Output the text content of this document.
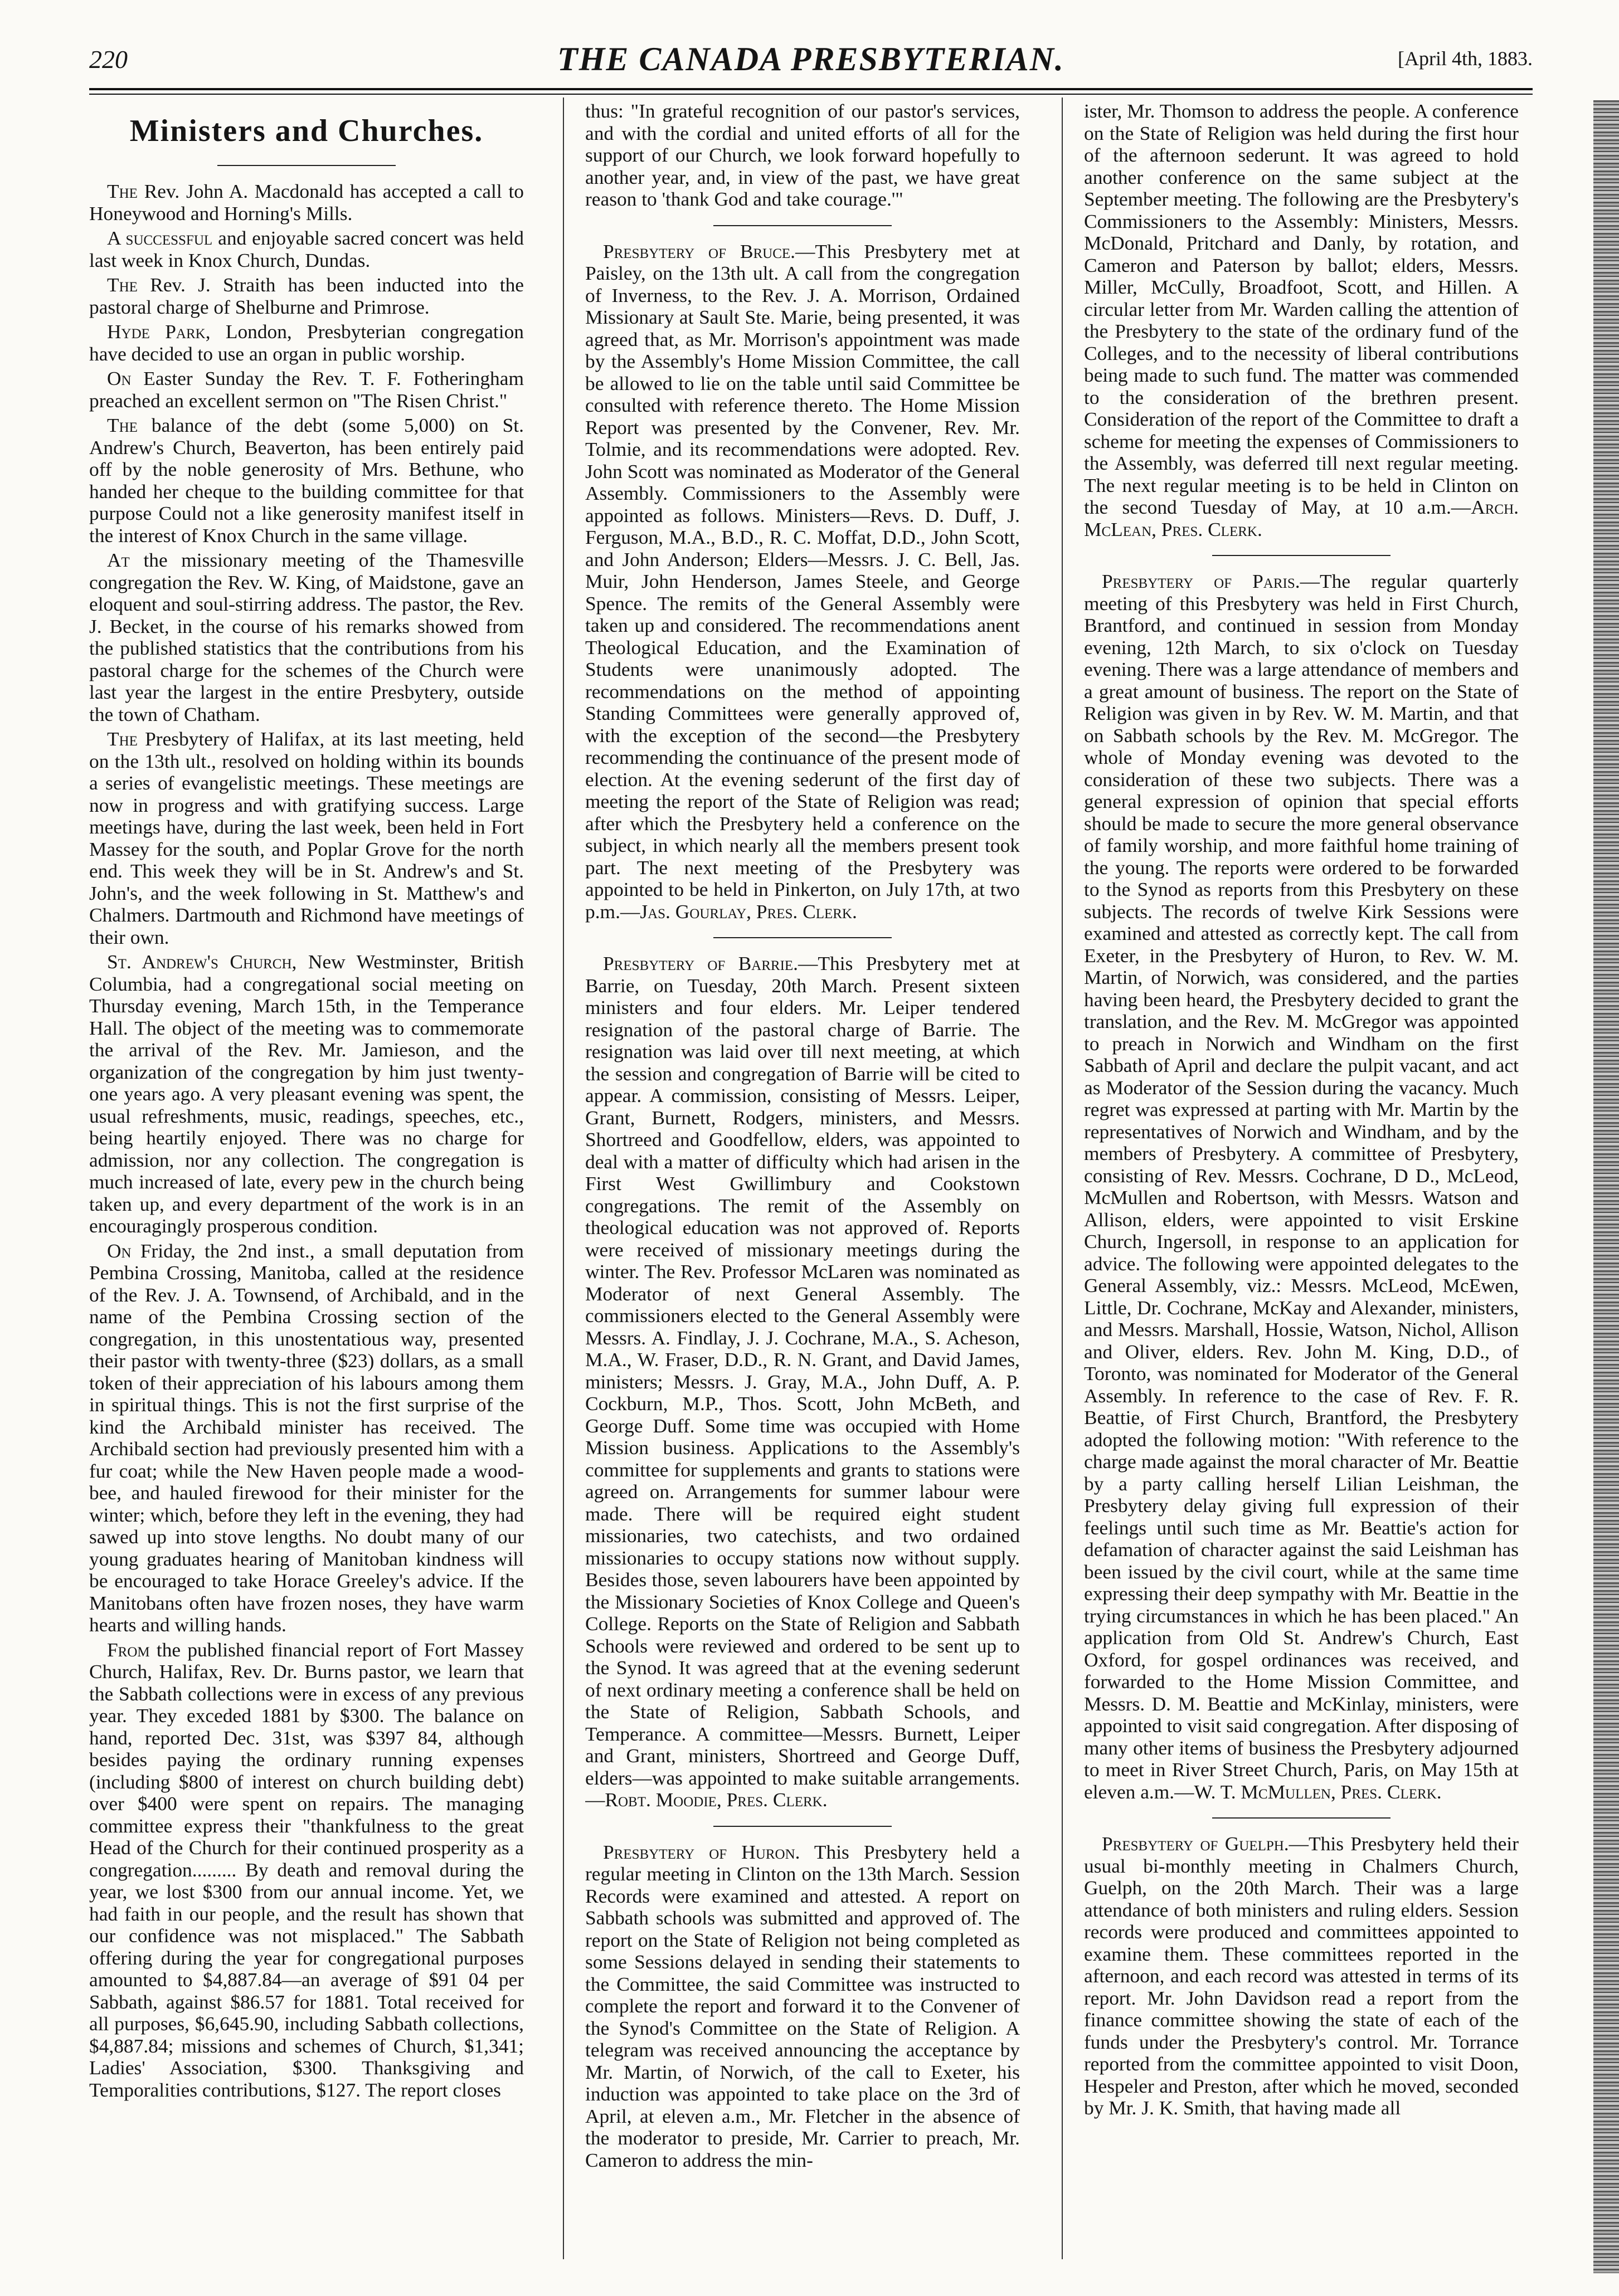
220	THE CANADA PRESBYTERIAN.	[April 4th, 1883.
Ministers and Churches.

The Rev. John A. Macdonald has accepted a call to Honeywood and Horning's Mills.

A successful and enjoyable sacred concert was held last week in Knox Church, Dundas.

The Rev. J. Straith has been inducted into the pastoral charge of Shelburne and Primrose.

Hyde Park, London, Presbyterian congregation have decided to use an organ in public worship.

On Easter Sunday the Rev. T. F. Fotheringham preached an excellent sermon on "The Risen Christ."

The balance of the debt (some 5,000) on St. Andrew's Church, Beaverton, has been entirely paid off by the noble generosity of Mrs. Bethune, who handed her cheque to the building committee for that purpose Could not a like generosity manifest itself in the interest of Knox Church in the same village.

At the missionary meeting of the Thamesville congregation the Rev. W. King, of Maidstone, gave an eloquent and soul-stirring address. The pastor, the Rev. J. Becket, in the course of his remarks showed from the published statistics that the contributions from his pastoral charge for the schemes of the Church were last year the largest in the entire Presbytery, outside the town of Chatham.

The Presbytery of Halifax, at its last meeting, held on the 13th ult., resolved on holding within its bounds a series of evangelistic meetings. These meetings are now in progress and with gratifying success. Large meetings have, during the last week, been held in Fort Massey for the south, and Poplar Grove for the north end. This week they will be in St. Andrew's and St. John's, and the week following in St. Matthew's and Chalmers. Dartmouth and Richmond have meetings of their own.

St. Andrew's Church, New Westminster, British Columbia, had a congregational social meeting on Thursday evening, March 15th, in the Temperance Hall. The object of the meeting was to commemorate the arrival of the Rev. Mr. Jamieson, and the organization of the congregation by him just twenty-one years ago. A very pleasant evening was spent, the usual refreshments, music, readings, speeches, etc., being heartily enjoyed. There was no charge for admission, nor any collection. The congregation is much increased of late, every pew in the church being taken up, and every department of the work is in an encouragingly prosperous condition.

On Friday, the 2nd inst., a small deputation from Pembina Crossing, Manitoba, called at the residence of the Rev. J. A. Townsend, of Archibald, and in the name of the Pembina Crossing section of the congregation, in this unostentatious way, presented their pastor with twenty-three ($23) dollars, as a small token of their appreciation of his labours among them in spiritual things. This is not the first surprise of the kind the Archibald minister has received. The Archibald section had previously presented him with a fur coat; while the New Haven people made a wood-bee, and hauled firewood for their minister for the winter; which, before they left in the evening, they had sawed up into stove lengths. No doubt many of our young graduates hearing of Manitoban kindness will be encouraged to take Horace Greeley's advice. If the Manitobans often have frozen noses, they have warm hearts and willing hands.

From the published financial report of Fort Massey Church, Halifax, Rev. Dr. Burns pastor, we learn that the Sabbath collections were in excess of any previous year. They exceded 1881 by $300. The balance on hand, reported Dec. 31st, was $397 84, although besides paying the ordinary running expenses (including $800 of interest on church building debt) over $400 were spent on repairs. The managing committee express their "thankfulness to the great Head of the Church for their continued prosperity as a congregation......... By death and removal during the year, we lost $300 from our annual income. Yet, we had faith in our people, and the result has shown that our confidence was not misplaced." The Sabbath offering during the year for congregational purposes amounted to $4,887.84—an average of $91 04 per Sabbath, against $86.57 for 1881. Total received for all purposes, $6,645.90, including Sabbath collections, $4,887.84; missions and schemes of Church, $1,341; Ladies' Association, $300. Thanksgiving and Temporalities contributions, $127. The report closes

thus: "In grateful recognition of our pastor's services, and with the cordial and united efforts of all for the support of our Church, we look forward hopefully to another year, and, in view of the past, we have great reason to 'thank God and take courage.'"

Presbytery of Bruce.—This Presbytery met at Paisley, on the 13th ult. A call from the congregation of Inverness, to the Rev. J. A. Morrison, Ordained Missionary at Sault Ste. Marie, being presented, it was agreed that, as Mr. Morrison's appointment was made by the Assembly's Home Mission Committee, the call be allowed to lie on the table until said Committee be consulted with reference thereto. The Home Mission Report was presented by the Convener, Rev. Mr. Tolmie, and its recommendations were adopted. Rev. John Scott was nominated as Moderator of the General Assembly. Commissioners to the Assembly were appointed as follows. Ministers—Revs. D. Duff, J. Ferguson, M.A., B.D., R. C. Moffat, D.D., John Scott, and John Anderson; Elders—Messrs. J. C. Bell, Jas. Muir, John Henderson, James Steele, and George Spence. The remits of the General Assembly were taken up and considered. The recommendations anent Theological Education, and the Examination of Students were unanimously adopted. The recommendations on the method of appointing Standing Committees were generally approved of, with the exception of the second—the Presbytery recommending the continuance of the present mode of election. At the evening sederunt of the first day of meeting the report of the State of Religion was read; after which the Presbytery held a conference on the subject, in which nearly all the members present took part. The next meeting of the Presbytery was appointed to be held in Pinkerton, on July 17th, at two p.m.—Jas. Gourlay, Pres. Clerk.

Presbytery of Barrie.—This Presbytery met at Barrie, on Tuesday, 20th March. Present sixteen ministers and four elders. Mr. Leiper tendered resignation of the pastoral charge of Barrie. The resignation was laid over till next meeting, at which the session and congregation of Barrie will be cited to appear. A commission, consisting of Messrs. Leiper, Grant, Burnett, Rodgers, ministers, and Messrs. Shortreed and Goodfellow, elders, was appointed to deal with a matter of difficulty which had arisen in the First West Gwillimbury and Cookstown congregations. The remit of the Assembly on theological education was not approved of. Reports were received of missionary meetings during the winter. The Rev. Professor McLaren was nominated as Moderator of next General Assembly. The commissioners elected to the General Assembly were Messrs. A. Findlay, J. J. Cochrane, M.A., S. Acheson, M.A., W. Fraser, D.D., R. N. Grant, and David James, ministers; Messrs. J. Gray, M.A., John Duff, A. P. Cockburn, M.P., Thos. Scott, John McBeth, and George Duff. Some time was occupied with Home Mission business. Applications to the Assembly's committee for supplements and grants to stations were agreed on. Arrangements for summer labour were made. There will be required eight student missionaries, two catechists, and two ordained missionaries to occupy stations now without supply. Besides those, seven labourers have been appointed by the Missionary Societies of Knox College and Queen's College. Reports on the State of Religion and Sabbath Schools were reviewed and ordered to be sent up to the Synod. It was agreed that at the evening sederunt of next ordinary meeting a conference shall be held on the State of Religion, Sabbath Schools, and Temperance. A committee—Messrs. Burnett, Leiper and Grant, ministers, Shortreed and George Duff, elders—was appointed to make suitable arrangements.—Robt. Moodie, Pres. Clerk.

Presbytery of Huron. This Presbytery held a regular meeting in Clinton on the 13th March. Session Records were examined and attested. A report on Sabbath schools was submitted and approved of. The report on the State of Religion not being completed as some Sessions delayed in sending their statements to the Committee, the said Committee was instructed to complete the report and forward it to the Convener of the Synod's Committee on the State of Religion. A telegram was received announcing the acceptance by Mr. Martin, of Norwich, of the call to Exeter, his induction was appointed to take place on the 3rd of April, at eleven a.m., Mr. Fletcher in the absence of the moderator to preside, Mr. Carrier to preach, Mr. Cameron to address the min-

ister, Mr. Thomson to address the people. A conference on the State of Religion was held during the first hour of the afternoon sederunt. It was agreed to hold another conference on the same subject at the September meeting. The following are the Presbytery's Commissioners to the Assembly: Ministers, Messrs. McDonald, Pritchard and Danly, by rotation, and Cameron and Paterson by ballot; elders, Messrs. Miller, McCully, Broadfoot, Scott, and Hillen. A circular letter from Mr. Warden calling the attention of the Presbytery to the state of the ordinary fund of the Colleges, and to the necessity of liberal contributions being made to such fund. The matter was commended to the consideration of the brethren present. Consideration of the report of the Committee to draft a scheme for meeting the expenses of Commissioners to the Assembly, was deferred till next regular meeting. The next regular meeting is to be held in Clinton on the second Tuesday of May, at 10 a.m.—Arch. McLean, Pres. Clerk.

Presbytery of Paris.—The regular quarterly meeting of this Presbytery was held in First Church, Brantford, and continued in session from Monday evening, 12th March, to six o'clock on Tuesday evening. There was a large attendance of members and a great amount of business. The report on the State of Religion was given in by Rev. W. M. Martin, and that on Sabbath schools by the Rev. M. McGregor. The whole of Monday evening was devoted to the consideration of these two subjects. There was a general expression of opinion that special efforts should be made to secure the more general observance of family worship, and more faithful home training of the young. The reports were ordered to be forwarded to the Synod as reports from this Presbytery on these subjects. The records of twelve Kirk Sessions were examined and attested as correctly kept. The call from Exeter, in the Presbytery of Huron, to Rev. W. M. Martin, of Norwich, was considered, and the parties having been heard, the Presbytery decided to grant the translation, and the Rev. M. McGregor was appointed to preach in Norwich and Windham on the first Sabbath of April and declare the pulpit vacant, and act as Moderator of the Session during the vacancy. Much regret was expressed at parting with Mr. Martin by the representatives of Norwich and Windham, and by the members of Presbytery. A committee of Presbytery, consisting of Rev. Messrs. Cochrane, D D., McLeod, McMullen and Robertson, with Messrs. Watson and Allison, elders, were appointed to visit Erskine Church, Ingersoll, in response to an application for advice. The following were appointed delegates to the General Assembly, viz.: Messrs. McLeod, McEwen, Little, Dr. Cochrane, McKay and Alexander, ministers, and Messrs. Marshall, Hossie, Watson, Nichol, Allison and Oliver, elders. Rev. John M. King, D.D., of Toronto, was nominated for Moderator of the General Assembly. In reference to the case of Rev. F. R. Beattie, of First Church, Brantford, the Presbytery adopted the following motion: "With reference to the charge made against the moral character of Mr. Beattie by a party calling herself Lilian Leishman, the Presbytery delay giving full expression of their feelings until such time as Mr. Beattie's action for defamation of character against the said Leishman has been issued by the civil court, while at the same time expressing their deep sympathy with Mr. Beattie in the trying circumstances in which he has been placed." An application from Old St. Andrew's Church, East Oxford, for gospel ordinances was received, and forwarded to the Home Mission Committee, and Messrs. D. M. Beattie and McKinlay, ministers, were appointed to visit said congregation. After disposing of many other items of business the Presbytery adjourned to meet in River Street Church, Paris, on May 15th at eleven a.m.—W. T. McMullen, Pres. Clerk.

Presbytery of Guelph.—This Presbytery held their usual bi-monthly meeting in Chalmers Church, Guelph, on the 20th March. Their was a large attendance of both ministers and ruling elders. Session records were produced and committees appointed to examine them. These committees reported in the afternoon, and each record was attested in terms of its report. Mr. John Davidson read a report from the finance committee showing the state of each of the funds under the Presbytery's control. Mr. Torrance reported from the committee appointed to visit Doon, Hespeler and Preston, after which he moved, seconded by Mr. J. K. Smith, that having made all
